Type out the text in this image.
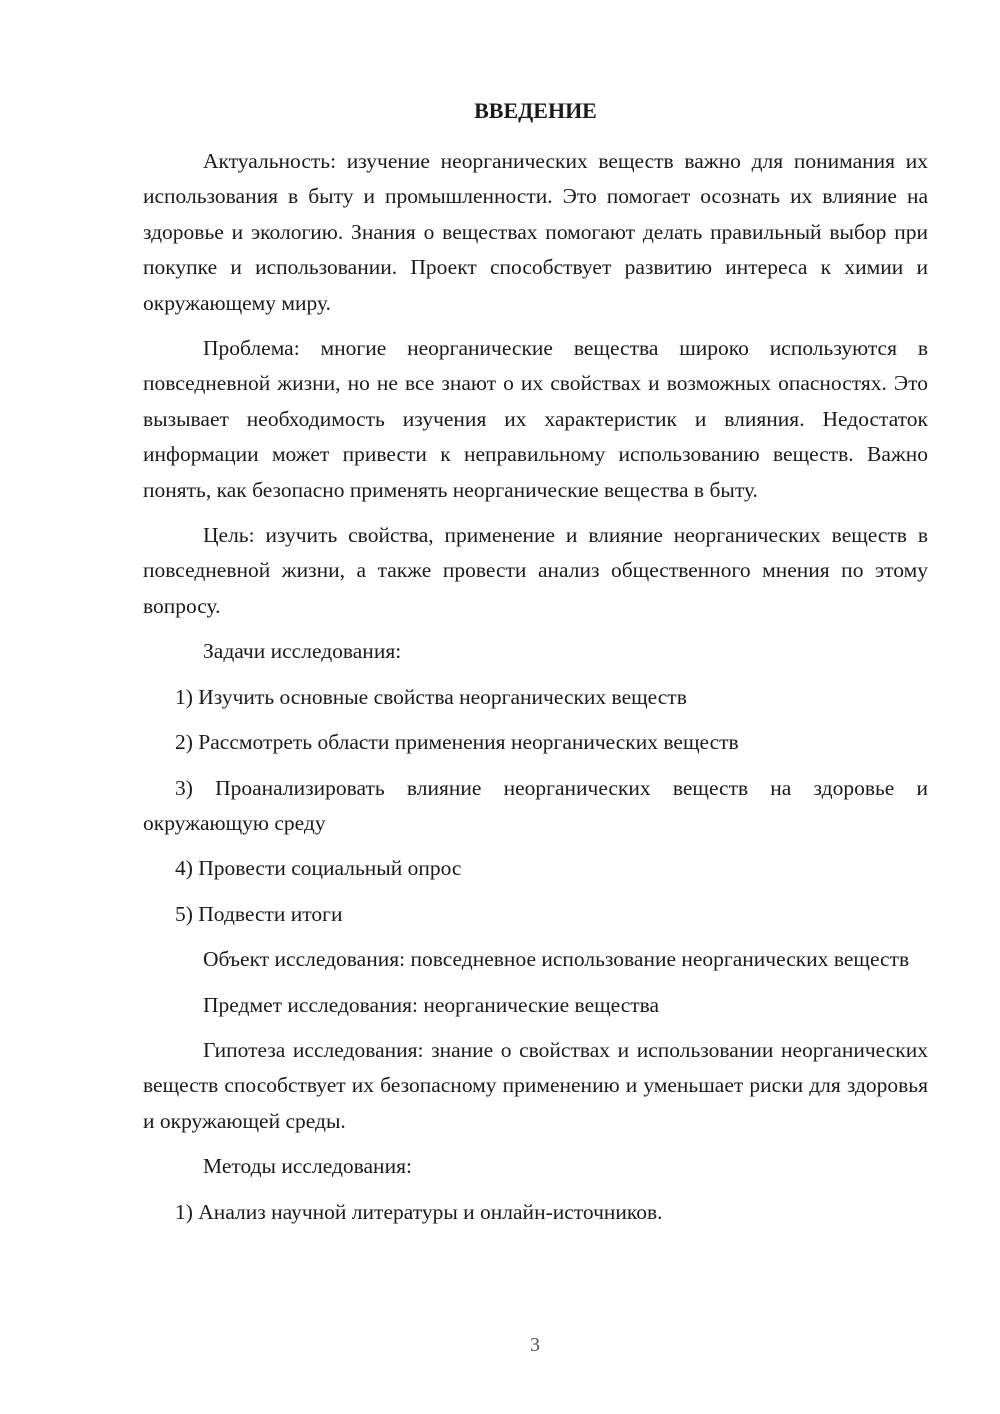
ВВЕДЕНИЕ

Актуальность: изучение неорганических веществ важно для понимания их использования в быту и промышленности. Это помогает осознать их влияние на здоровье и экологию. Знания о веществах помогают делать правильный выбор при покупке и использовании. Проект способствует развитию интереса к химии и окружающему миру.

Проблема: многие неорганические вещества широко используются в повседневной жизни, но не все знают о их свойствах и возможных опасностях. Это вызывает необходимость изучения их характеристик и влияния. Недостаток информации может привести к неправильному использованию веществ. Важно понять, как безопасно применять неорганические вещества в быту.

Цель: изучить свойства, применение и влияние неорганических веществ в повседневной жизни, а также провести анализ общественного мнения по этому вопросу.

Задачи исследования:

1) Изучить основные свойства неорганических веществ

2) Рассмотреть области применения неорганических веществ

3) Проанализировать влияние неорганических веществ на здоровье и окружающую среду

4) Провести социальный опрос

5) Подвести итоги

Объект исследования: повседневное использование неорганических веществ

Предмет исследования: неорганические вещества

Гипотеза исследования: знание о свойствах и использовании неорганических веществ способствует их безопасному применению и уменьшает риски для здоровья и окружающей среды.

Методы исследования:

1) Анализ научной литературы и онлайн-источников.

3
